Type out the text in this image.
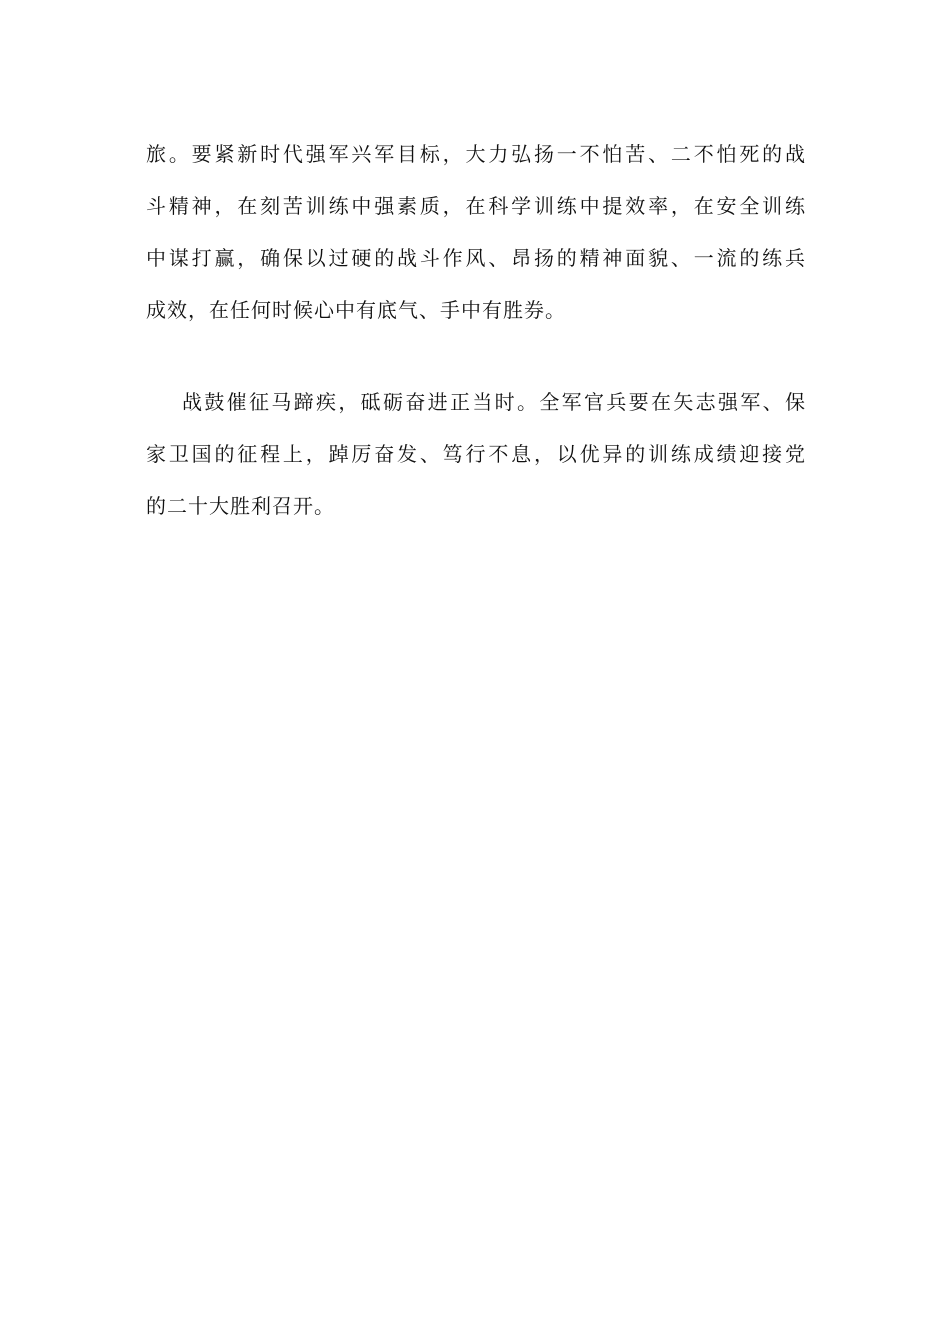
旅。要紧新时代强军兴军目标，大力弘扬一不怕苦、二不怕死的战
斗精神，在刻苦训练中强素质，在科学训练中提效率，在安全训练
中谋打赢，确保以过硬的战斗作风、昂扬的精神面貌、一流的练兵
成效，在任何时候心中有底气、手中有胜券。
战鼓催征马蹄疾，砥砺奋进正当时。全军官兵要在矢志强军、保
家卫国的征程上，踔厉奋发、笃行不息，以优异的训练成绩迎接党
的二十大胜利召开。
